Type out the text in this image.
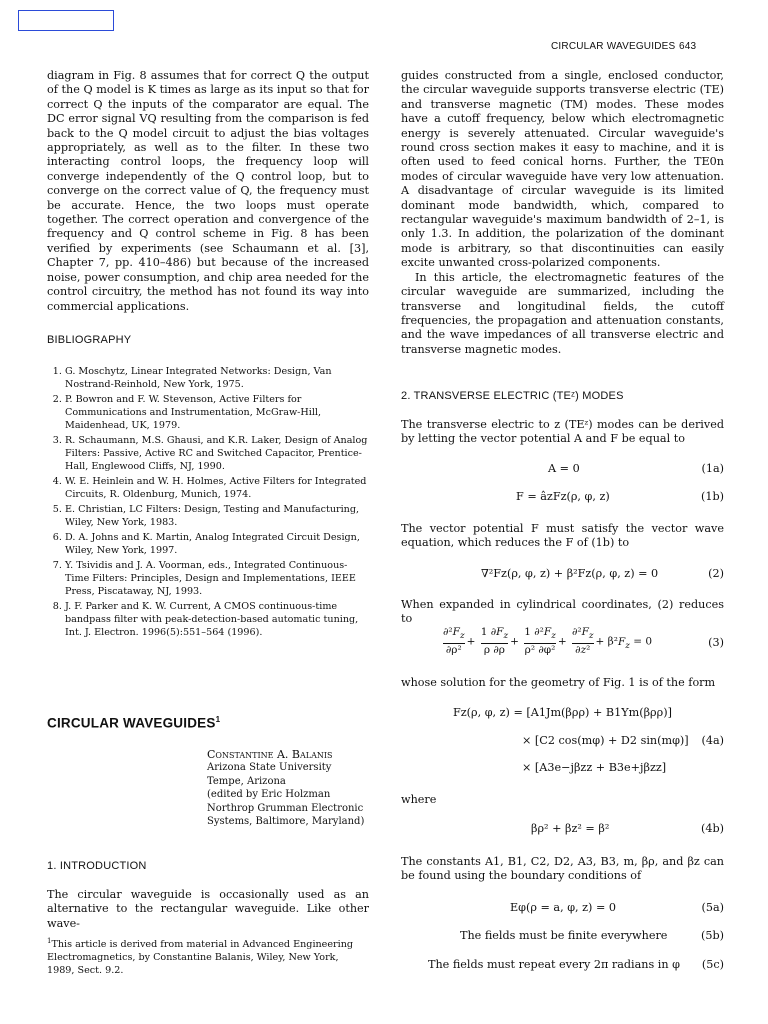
CIRCULAR WAVEGUIDES 643

diagram in Fig. 8 assumes that for correct Q the output of the Q model is K times as large as its input so that for correct Q the inputs of the comparator are equal. The DC error signal VQ resulting from the comparison is fed back to the Q model circuit to adjust the bias voltages appropriately, as well as to the filter. In these two interacting control loops, the frequency loop will converge independently of the Q control loop, but to converge on the correct value of Q, the frequency must be accurate. Hence, the two loops must operate together. The correct operation and convergence of the frequency and Q control scheme in Fig. 8 has been verified by experiments (see Schaumann et al. [3], Chapter 7, pp. 410–486) but because of the increased noise, power consumption, and chip area needed for the control circuitry, the method has not found its way into commercial applications.

BIBLIOGRAPHY

1. G. Moschytz, Linear Integrated Networks: Design, Van Nostrand-Reinhold, New York, 1975.
2. P. Bowron and F. W. Stevenson, Active Filters for Communications and Instrumentation, McGraw-Hill, Maidenhead, UK, 1979.
3. R. Schaumann, M.S. Ghausi, and K.R. Laker, Design of Analog Filters: Passive, Active RC and Switched Capacitor, Prentice-Hall, Englewood Cliffs, NJ, 1990.
4. W. E. Heinlein and W. H. Holmes, Active Filters for Integrated Circuits, R. Oldenburg, Munich, 1974.
5. E. Christian, LC Filters: Design, Testing and Manufacturing, Wiley, New York, 1983.
6. D. A. Johns and K. Martin, Analog Integrated Circuit Design, Wiley, New York, 1997.
7. Y. Tsividis and J. A. Voorman, eds., Integrated Continuous-Time Filters: Principles, Design and Implementations, IEEE Press, Piscataway, NJ, 1993.
8. J. F. Parker and K. W. Current, A CMOS continuous-time bandpass filter with peak-detection-based automatic tuning, Int. J. Electron. 1996(5):551–564 (1996).

CIRCULAR WAVEGUIDES$^1$

Constantine A. Balanis
Arizona State University
Tempe, Arizona
(edited by Eric Holzman
Northrop Grumman Electronic
Systems, Baltimore, Maryland)

1. INTRODUCTION

The circular waveguide is occasionally used as an alternative to the rectangular waveguide. Like other wave-

$^1$This article is derived from material in Advanced Engineering Electromagnetics, by Constantine Balanis, Wiley, New York, 1989, Sect. 9.2.

guides constructed from a single, enclosed conductor, the circular waveguide supports transverse electric (TE) and transverse magnetic (TM) modes. These modes have a cutoff frequency, below which electromagnetic energy is severely attenuated. Circular waveguide's round cross section makes it easy to machine, and it is often used to feed conical horns. Further, the TE0n modes of circular waveguide have very low attenuation. A disadvantage of circular waveguide is its limited dominant mode bandwidth, which, compared to rectangular waveguide's maximum bandwidth of 2–1, is only 1.3. In addition, the polarization of the dominant mode is arbitrary, so that discontinuities can easily excite unwanted cross-polarized components.

In this article, the electromagnetic features of the circular waveguide are summarized, including the transverse and longitudinal fields, the cutoff frequencies, the propagation and attenuation constants, and the wave impedances of all transverse electric and transverse magnetic modes.

2. TRANSVERSE ELECTRIC (TEᶻ) MODES

The transverse electric to z (TEᶻ) modes can be derived by letting the vector potential A and F be equal to

A = 0	(1a)
F = âzFz(ρ, φ, z)	(1b)

The vector potential F must satisfy the vector wave equation, which reduces the F of (1b) to

∇²Fz(ρ, φ, z) + β²Fz(ρ, φ, z) = 0	(2)

When expanded in cylindrical coordinates, (2) reduces to

$\frac{\partial^2F_z}{\text{∂ρ²}} + \frac{1 \partial F_z}{\rho \partial\rho} + \frac{1 \partial^2F_z}{\text{ρ² ∂φ²}} + \frac{\partial^2F_z}{\text{∂z²}} + \beta^2F_z = 0$	(3)

whose solution for the geometry of Fig. 1 is of the form

Fz(ρ, φ, z) = [A1Jm(βρρ) + B1Ym(βρρ)]
× [C2 cos(mφ) + D2 sin(mφ)]
× [A3e−jβzz + B3e+jβzz]
(4a)

where

βρ² + βz² = β²	(4b)

The constants A1, B1, C2, D2, A3, B3, m, βρ, and βz can be found using the boundary conditions of

Eφ(ρ = a, φ, z) = 0	(5a)
The fields must be finite everywhere	(5b)
The fields must repeat every 2π radians in φ (5c)
